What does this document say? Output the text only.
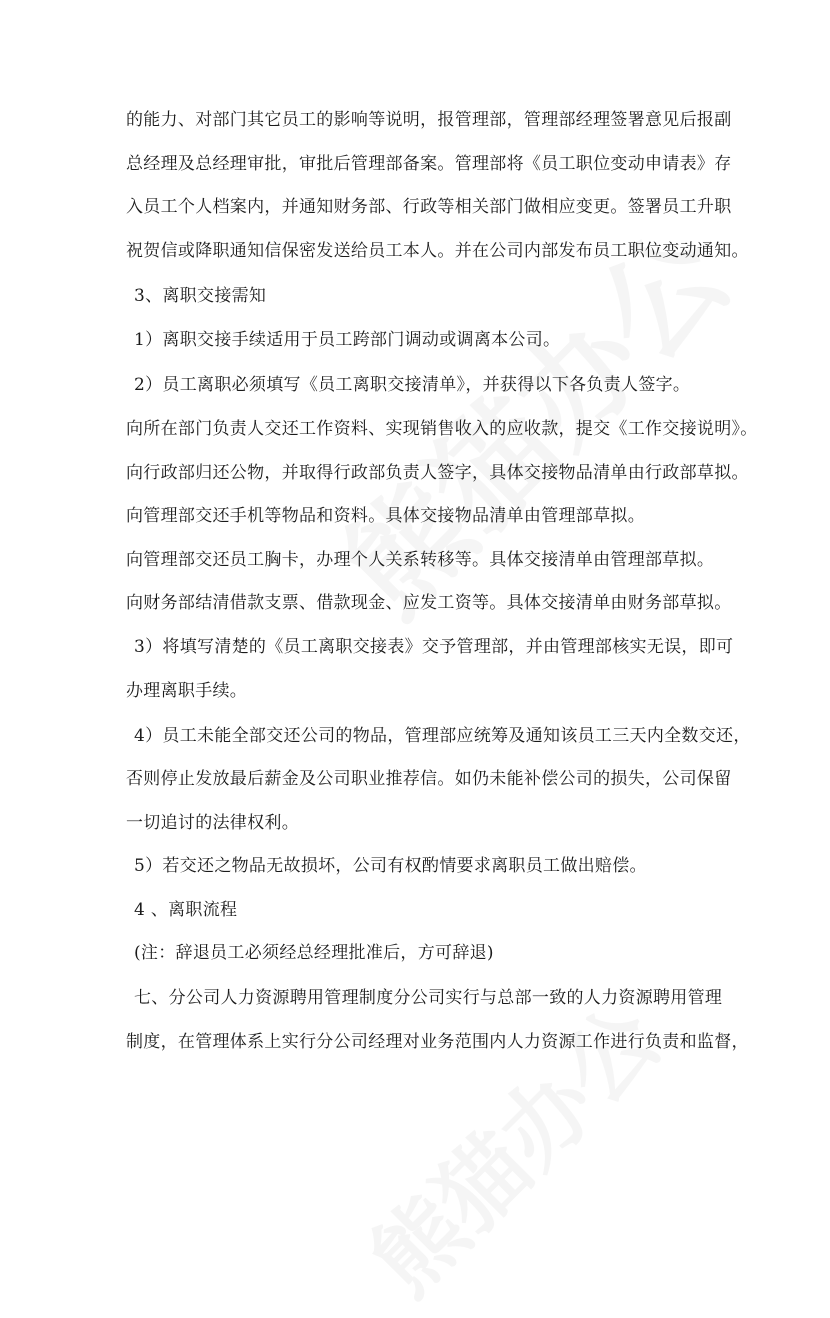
的能力、对部门其它员工的影响等说明，报管理部，管理部经理签署意见后报副
总经理及总经理审批，审批后管理部备案。管理部将《员工职位变动申请表》存
入员工个人档案内，并通知财务部、行政等相关部门做相应变更。签署员工升职
祝贺信或降职通知信保密发送给员工本人。并在公司内部发布员工职位变动通知。
3、离职交接需知
1）离职交接手续适用于员工跨部门调动或调离本公司。
2）员工离职必须填写《员工离职交接清单》，并获得以下各负责人签字。
向所在部门负责人交还工作资料、实现销售收入的应收款，提交《工作交接说明》。
向行政部归还公物，并取得行政部负责人签字，具体交接物品清单由行政部草拟。
向管理部交还手机等物品和资料。具体交接物品清单由管理部草拟。
向管理部交还员工胸卡，办理个人关系转移等。具体交接清单由管理部草拟。
向财务部结清借款支票、借款现金、应发工资等。具体交接清单由财务部草拟。
3）将填写清楚的《员工离职交接表》交予管理部，并由管理部核实无误，即可
办理离职手续。
4）员工未能全部交还公司的物品，管理部应统筹及通知该员工三天内全数交还，
否则停止发放最后薪金及公司职业推荐信。如仍未能补偿公司的损失，公司保留
一切追讨的法律权利。
5）若交还之物品无故损坏，公司有权酌情要求离职员工做出赔偿。
4 、离职流程
(注：辞退员工必须经总经理批准后，方可辞退)
七、分公司人力资源聘用管理制度分公司实行与总部一致的人力资源聘用管理
制度，在管理体系上实行分公司经理对业务范围内人力资源工作进行负责和监督，
